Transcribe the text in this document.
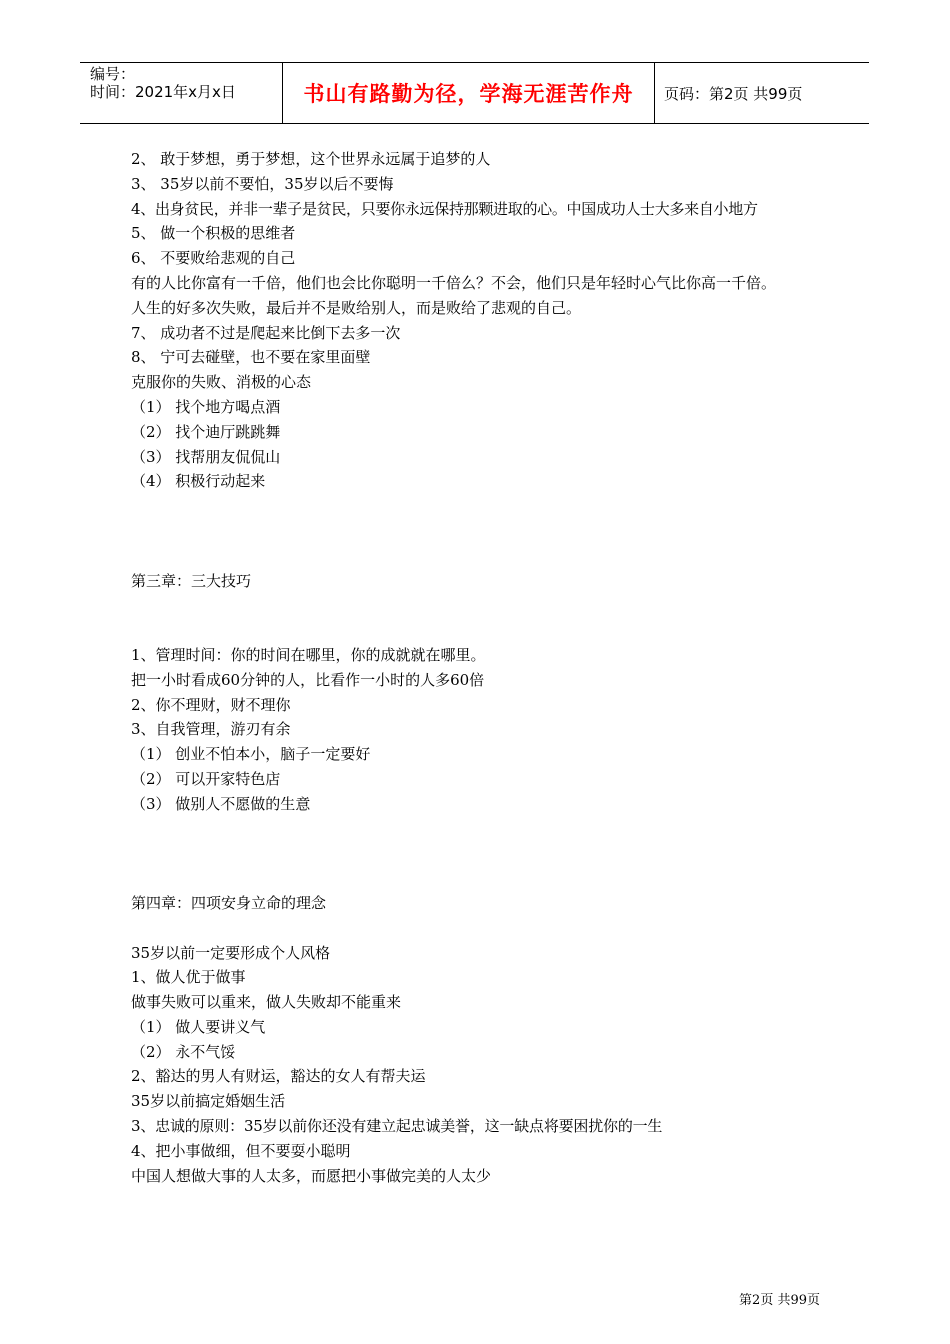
编号：
时间：2021年x月x日	书山有路勤为径，学海无涯苦作舟	页码：第2页 共99页
2、 敢于梦想，勇于梦想，这个世界永远属于追梦的人
3、 35岁以前不要怕，35岁以后不要悔
4、出身贫民，并非一辈子是贫民，只要你永远保持那颗进取的心。中国成功人士大多来自小地方
5、 做一个积极的思维者
6、 不要败给悲观的自己
有的人比你富有一千倍，他们也会比你聪明一千倍么？不会，他们只是年轻时心气比你高一千倍。
人生的好多次失败，最后并不是败给别人，而是败给了悲观的自己。
7、 成功者不过是爬起来比倒下去多一次
8、 宁可去碰壁，也不要在家里面壁
克服你的失败、消极的心态
（1） 找个地方喝点酒
（2） 找个迪厅跳跳舞
（3） 找帮朋友侃侃山
（4） 积极行动起来
第三章：三大技巧
1、管理时间：你的时间在哪里，你的成就就在哪里。
把一小时看成60分钟的人，比看作一小时的人多60倍
2、你不理财，财不理你
3、自我管理，游刃有余
（1） 创业不怕本小，脑子一定要好
（2） 可以开家特色店
（3） 做别人不愿做的生意
第四章：四项安身立命的理念
35岁以前一定要形成个人风格
1、做人优于做事
做事失败可以重来，做人失败却不能重来
（1） 做人要讲义气
（2） 永不气馁
2、豁达的男人有财运，豁达的女人有帮夫运
35岁以前搞定婚姻生活
3、忠诚的原则：35岁以前你还没有建立起忠诚美誉，这一缺点将要困扰你的一生
4、把小事做细，但不要耍小聪明
中国人想做大事的人太多，而愿把小事做完美的人太少
第2页 共99页
